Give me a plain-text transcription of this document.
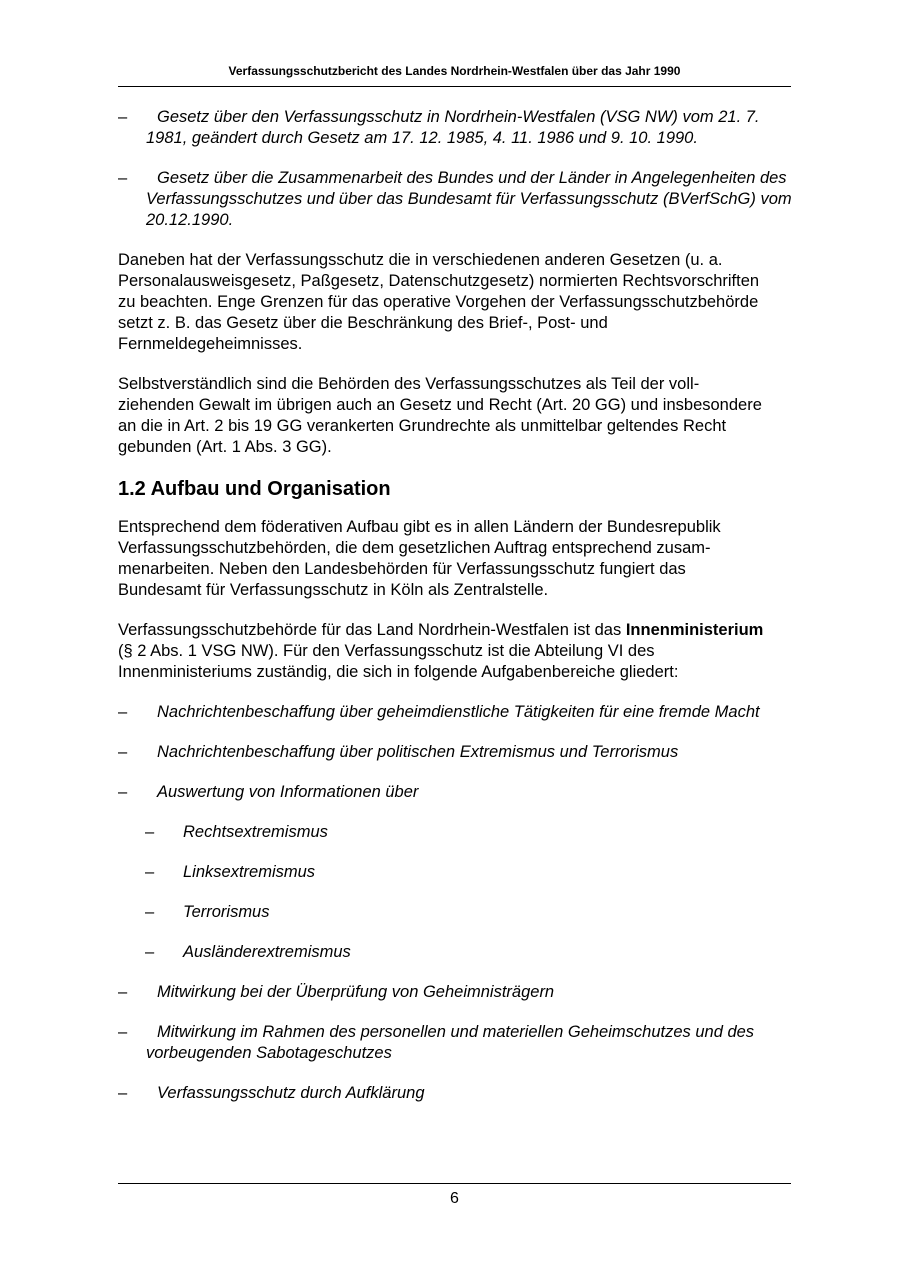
Verfassungsschutzbericht des Landes Nordrhein-Westfalen über das Jahr 1990
– Gesetz über den Verfassungsschutz in Nordrhein-Westfalen (VSG NW) vom 21. 7. 1981, geändert durch Gesetz am 17. 12. 1985, 4. 11. 1986 und 9. 10. 1990.
– Gesetz über die Zusammenarbeit des Bundes und der Länder in Angelegenheiten des Verfassungsschutzes und über das Bundesamt für Verfassungsschutz (BVerfSchG) vom 20.12.1990.

Daneben hat der Verfassungsschutz die in verschiedenen anderen Gesetzen (u. a. Personalausweisgesetz, Paßgesetz, Datenschutzgesetz) normierten Rechtsvorschriften zu beachten. Enge Grenzen für das operative Vorgehen der Verfassungsschutzbehörde setzt z. B. das Gesetz über die Beschränkung des Brief-, Post- und Fernmeldegeheimnisses.

Selbstverständlich sind die Behörden des Verfassungsschutzes als Teil der vollziehenden Gewalt im übrigen auch an Gesetz und Recht (Art. 20 GG) und insbesondere an die in Art. 2 bis 19 GG verankerten Grundrechte als unmittelbar geltendes Recht gebunden (Art. 1 Abs. 3 GG).

1.2 Aufbau und Organisation

Entsprechend dem föderativen Aufbau gibt es in allen Ländern der Bundesrepublik Verfassungsschutzbehörden, die dem gesetzlichen Auftrag entsprechend zusammenarbeiten. Neben den Landesbehörden für Verfassungsschutz fungiert das Bundesamt für Verfassungsschutz in Köln als Zentralstelle.

Verfassungsschutzbehörde für das Land Nordrhein-Westfalen ist das Innenministerium (§ 2 Abs. 1 VSG NW). Für den Verfassungsschutz ist die Abteilung VI des Innenministeriums zuständig, die sich in folgende Aufgabenbereiche gliedert:

– Nachrichtenbeschaffung über geheimdienstliche Tätigkeiten für eine fremde Macht
– Nachrichtenbeschaffung über politischen Extremismus und Terrorismus
– Auswertung von Informationen über
– Rechtsextremismus
– Linksextremismus
– Terrorismus
– Ausländerextremismus
– Mitwirkung bei der Überprüfung von Geheimnisträgern
– Mitwirkung im Rahmen des personellen und materiellen Geheimschutzes und des vorbeugenden Sabotageschutzes
– Verfassungsschutz durch Aufklärung
6
